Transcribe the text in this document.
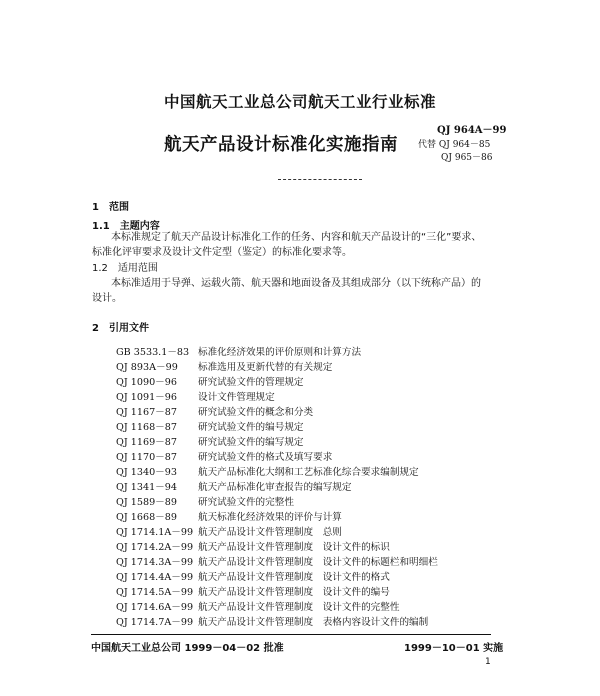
中国航天工业总公司航天工业行业标准
QJ 964A－99
航天产品设计标准化实施指南 代替 QJ 964－85
QJ 965－86
1　范围
1.1　主题内容
本标准规定了航天产品设计标准化工作的任务、内容和航天产品设计的“三化”要求、
标准化评审要求及设计文件定型（鉴定）的标准化要求等。
1.2　适用范围
本标准适用于导弹、运载火箭、航天器和地面设备及其组成部分（以下统称产品）的
设计。
2　引用文件
GB 3533.1－83 标准化经济效果的评价原则和计算方法
QJ 893A－99 标准选用及更新代替的有关规定
QJ 1090－96 研究试验文件的管理规定
QJ 1091－96 设计文件管理规定
QJ 1167－87 研究试验文件的概念和分类
QJ 1168－87 研究试验文件的编号规定
QJ 1169－87 研究试验文件的编写规定
QJ 1170－87 研究试验文件的格式及填写要求
QJ 1340－93 航天产品标准化大纲和工艺标准化综合要求编制规定
QJ 1341－94 航天产品标准化审查报告的编写规定
QJ 1589－89 研究试验文件的完整性
QJ 1668－89 航天标准化经济效果的评价与计算
QJ 1714.1A－99 航天产品设计文件管理制度　总则
QJ 1714.2A－99 航天产品设计文件管理制度　设计文件的标识
QJ 1714.3A－99 航天产品设计文件管理制度　设计文件的标题栏和明细栏
QJ 1714.4A－99 航天产品设计文件管理制度　设计文件的格式
QJ 1714.5A－99 航天产品设计文件管理制度　设计文件的编号
QJ 1714.6A－99 航天产品设计文件管理制度　设计文件的完整性
QJ 1714.7A－99 航天产品设计文件管理制度　表格内容设计文件的编制
中国航天工业总公司 1999－04－02 批准	1999－10－01 实施
1
